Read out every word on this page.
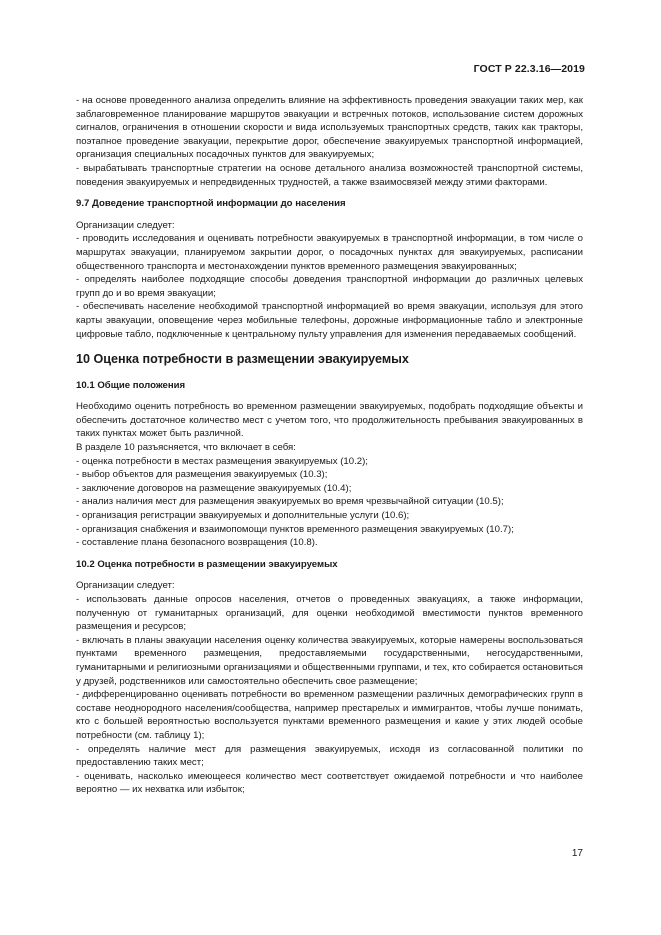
ГОСТ Р 22.3.16—2019

- на основе проведенного анализа определить влияние на эффективность проведения эвакуации таких мер, как заблаговременное планирование маршрутов эвакуации и встречных потоков, использование систем дорожных сигналов, ограничения в отношении скорости и вида используемых транспортных средств, таких как тракторы, поэтапное проведение эвакуации, перекрытие дорог, обеспечение эвакуируемых транспортной информацией, организация специальных посадочных пунктов для эвакуируемых;

- вырабатывать транспортные стратегии на основе детального анализа возможностей транспортной системы, поведения эвакуируемых и непредвиденных трудностей, а также взаимосвязей между этими факторами.

9.7 Доведение транспортной информации до населения

Организации следует:

- проводить исследования и оценивать потребности эвакуируемых в транспортной информации, в том числе о маршрутах эвакуации, планируемом закрытии дорог, о посадочных пунктах для эвакуируемых, расписании общественного транспорта и местонахождении пунктов временного размещения эвакуированных;

- определять наиболее подходящие способы доведения транспортной информации до различных целевых групп до и во время эвакуации;

- обеспечивать население необходимой транспортной информацией во время эвакуации, используя для этого карты эвакуации, оповещение через мобильные телефоны, дорожные информационные табло и электронные цифровые табло, подключенные к центральному пульту управления для изменения передаваемых сообщений.

10 Оценка потребности в размещении эвакуируемых
10.1 Общие положения

Необходимо оценить потребность во временном размещении эвакуируемых, подобрать подходящие объекты и обеспечить достаточное количество мест с учетом того, что продолжительность пребывания эвакуированных в таких пунктах может быть различной.

В разделе 10 разъясняется, что включает в себя:

- оценка потребности в местах размещения эвакуируемых (10.2);

- выбор объектов для размещения эвакуируемых (10.3);

- заключение договоров на размещение эвакуируемых (10.4);

- анализ наличия мест для размещения эвакуируемых во время чрезвычайной ситуации (10.5);

- организация регистрации эвакуируемых и дополнительные услуги (10.6);

- организация снабжения и взаимопомощи пунктов временного размещения эвакуируемых (10.7);

- составление плана безопасного возвращения (10.8).

10.2 Оценка потребности в размещении эвакуируемых

Организации следует:

- использовать данные опросов населения, отчетов о проведенных эвакуациях, а также информации, полученную от гуманитарных организаций, для оценки необходимой вместимости пунктов временного размещения и ресурсов;

- включать в планы эвакуации населения оценку количества эвакуируемых, которые намерены воспользоваться пунктами временного размещения, предоставляемыми государственными, негосударственными, гуманитарными и религиозными организациями и общественными группами, и тех, кто собирается остановиться у друзей, родственников или самостоятельно обеспечить свое размещение;

- дифференцированно оценивать потребности во временном размещении различных демографических групп в составе неоднородного населения/сообщества, например престарелых и иммигрантов, чтобы лучше понимать, кто с большей вероятностью воспользуется пунктами временного размещения и какие у этих людей особые потребности (см. таблицу 1);

- определять наличие мест для размещения эвакуируемых, исходя из согласованной политики по предоставлению таких мест;

- оценивать, насколько имеющееся количество мест соответствует ожидаемой потребности и что наиболее вероятно — их нехватка или избыток;

17
